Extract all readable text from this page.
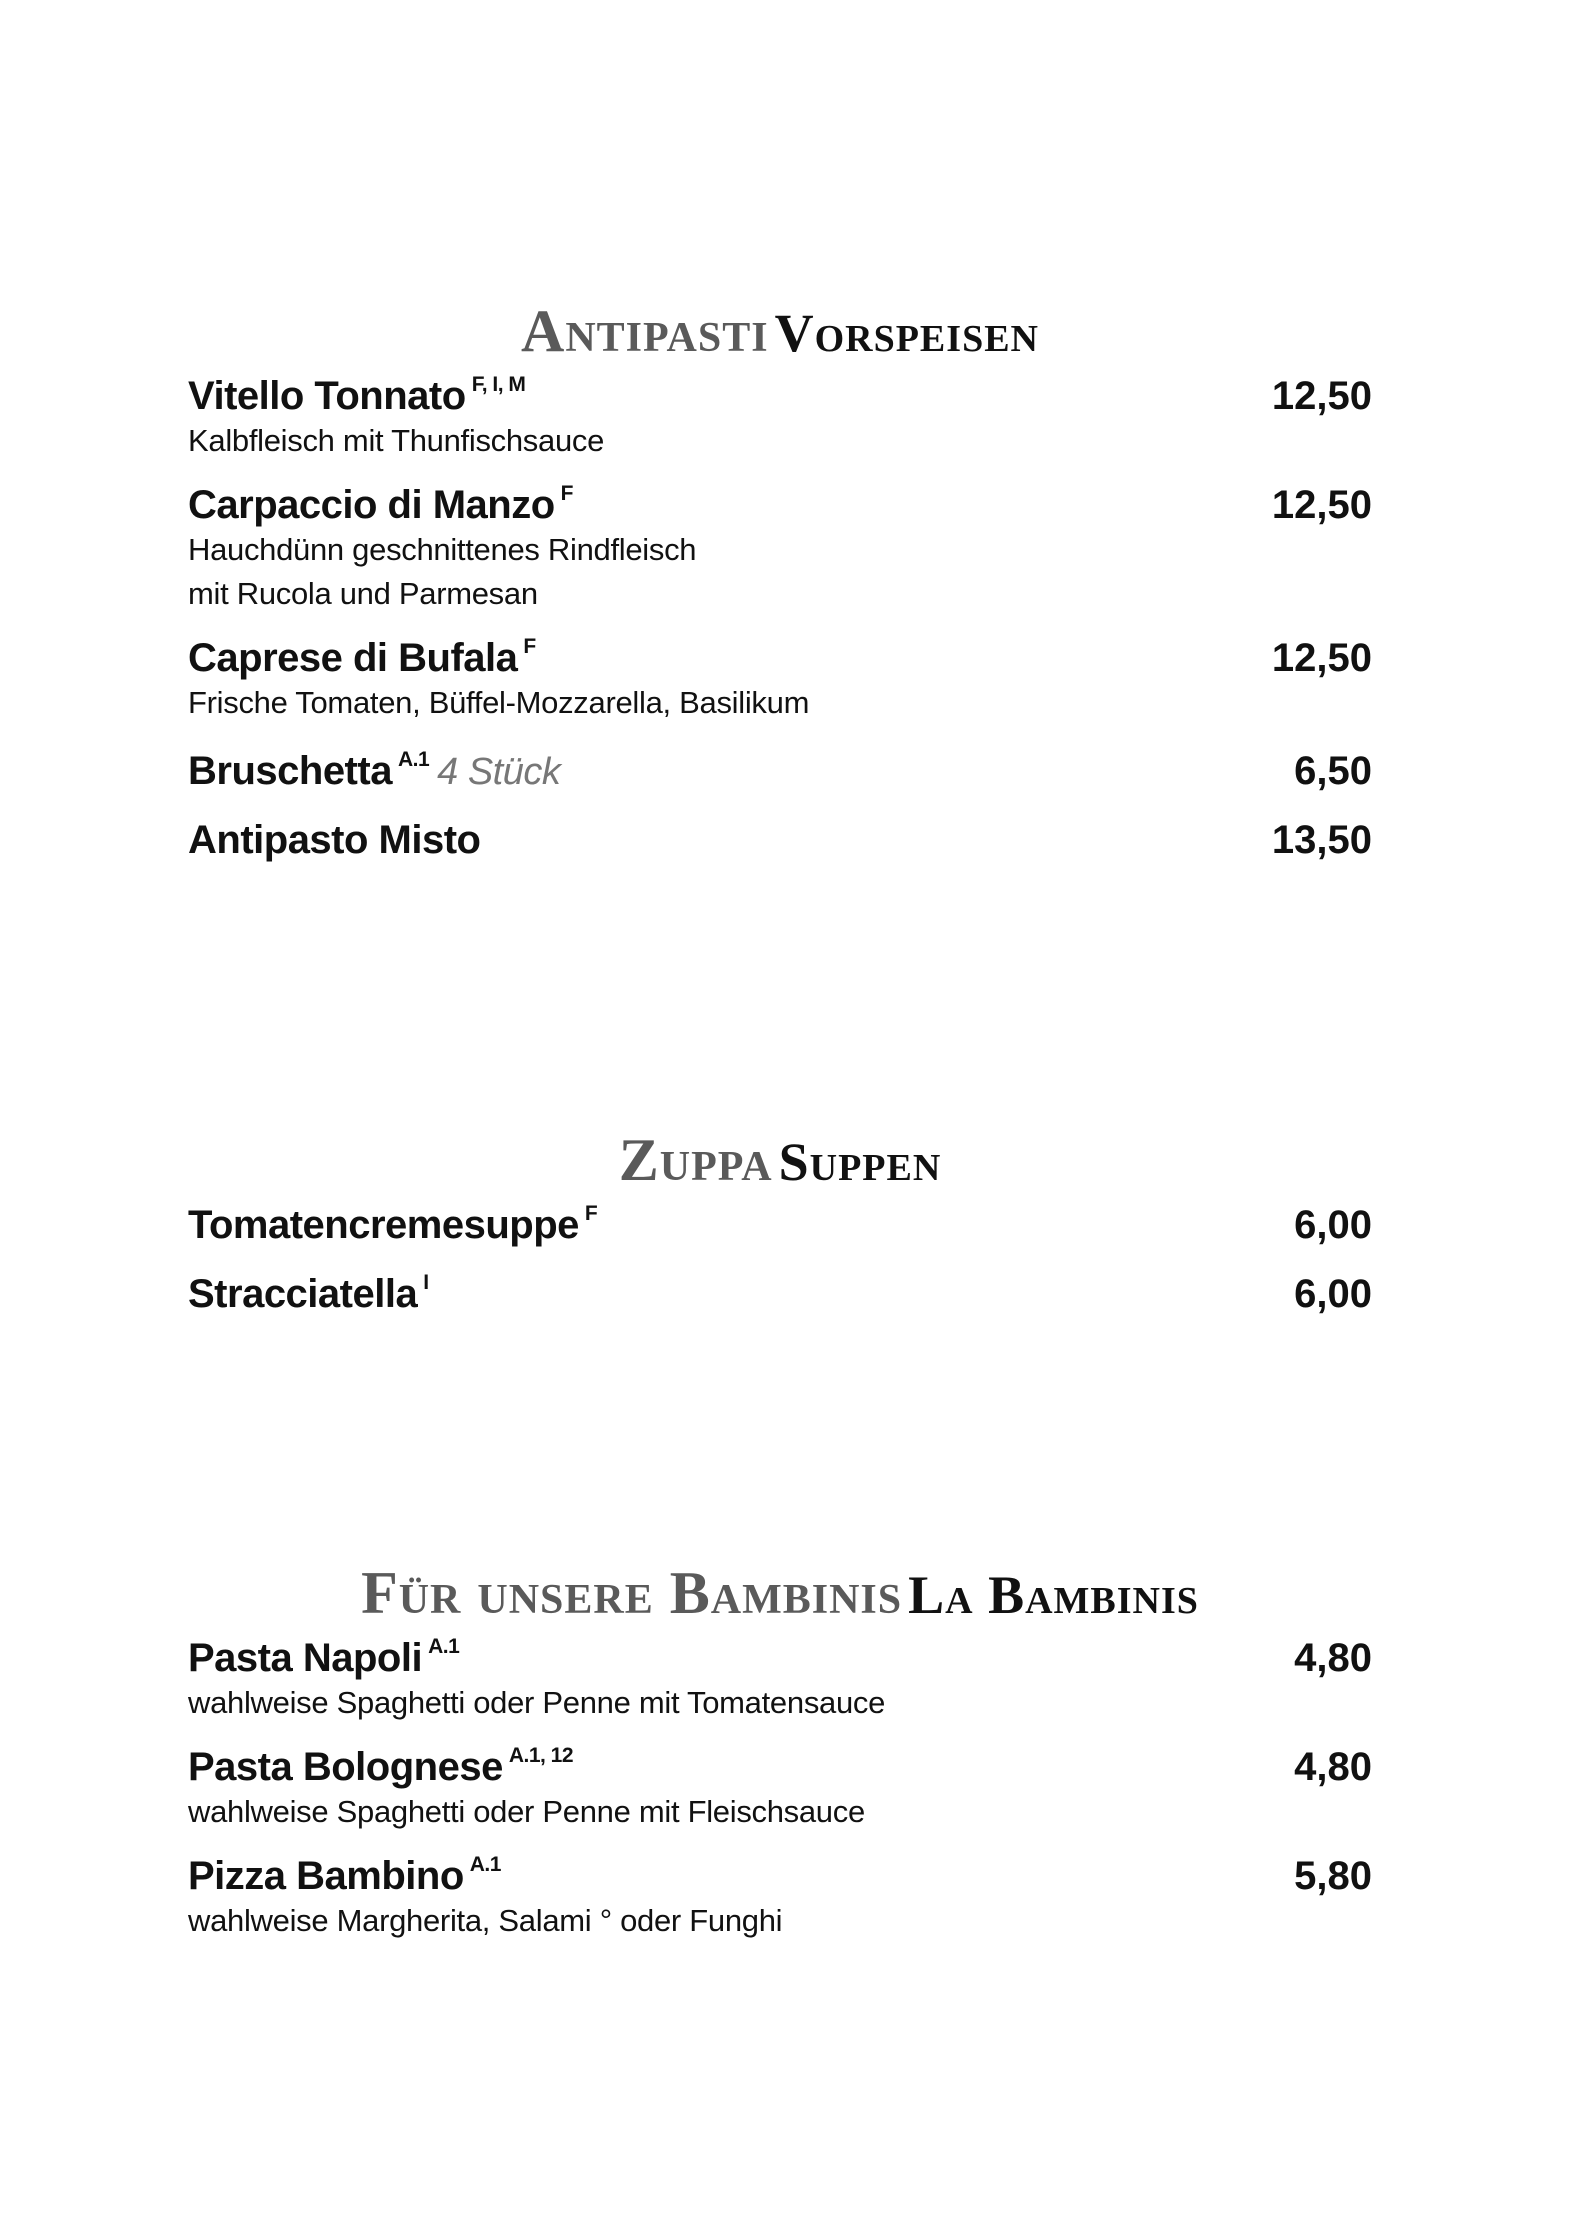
Antipasti Vorspeisen
Vitello Tonnato $^{F, I, M}$	12,50
Kalbfleisch mit Thunfischsauce
Carpaccio di Manzo $^F$	12,50
Hauchdünn geschnittenes Rindfleisch
mit Rucola und Parmesan
Caprese di Bufala $^F$	12,50
Frische Tomaten, Büffel-Mozzarella, Basilikum
Bruschetta $^{A.1}$ 4 Stück	6,50
Antipasto Misto	13,50
Zuppa Suppen
Tomatencremesuppe $^F$	6,00
Stracciatella $^I$	6,00
Für unsere Bambinis La Bambinis
Pasta Napoli $^{A.1}$	4,80
wahlweise Spaghetti oder Penne mit Tomatensauce
Pasta Bolognese $^{A.1, 12}$	4,80
wahlweise Spaghetti oder Penne mit Fleischsauce
Pizza Bambino $^{A.1}$	5,80
wahlweise Margherita, Salami ° oder Funghi
